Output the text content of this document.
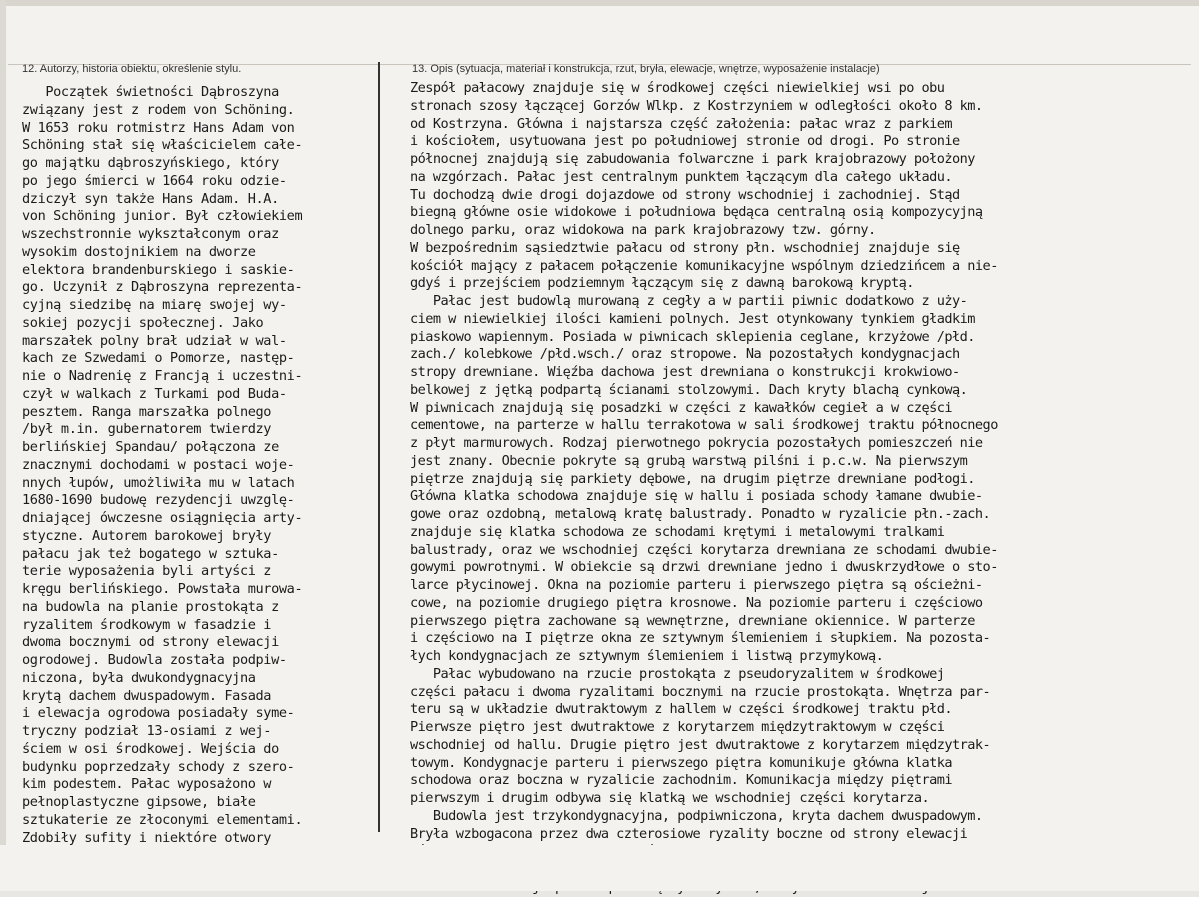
12. Autorzy, historia obiektu, określenie stylu.	13. Opis (sytuacja, materiał i konstrukcja, rzut, bryła, elewacje, wnętrze, wyposażenie instalacje)
Początek świetności Dąbroszyna
związany jest z rodem von Schöning.
W 1653 roku rotmistrz Hans Adam von
Schöning stał się właścicielem całe-
go majątku dąbroszyńskiego, który
po jego śmierci w 1664 roku odzie-
dziczył syn także Hans Adam. H.A.
von Schöning junior. Był człowiekiem
wszechstronnie wykształconym oraz
wysokim dostojnikiem na dworze
elektora brandenburskiego i saskie-
go. Uczynił z Dąbroszyna reprezenta-
cyjną siedzibę na miarę swojej wy-
sokiej pozycji społecznej. Jako
marszałek polny brał udział w wal-
kach ze Szwedami o Pomorze, następ-
nie o Nadrenię z Francją i uczestni-
czył w walkach z Turkami pod Buda-
pesztem. Ranga marszałka polnego
/był m.in. gubernatorem twierdzy
berlińskiej Spandau/ połączona ze
znacznymi dochodami w postaci woje-
nnych łupów, umożliwiła mu w latach
1680-1690 budowę rezydencji uwzglę-
dniającej ówczesne osiągnięcia arty-
styczne. Autorem barokowej bryły
pałacu jak też bogatego w sztuka-
terie wyposażenia byli artyści z
kręgu berlińskiego. Powstała murowa-
na budowla na planie prostokąta z
ryzalitem środkowym w fasadzie i
dwoma bocznymi od strony elewacji
ogrodowej. Budowla została podpiw-
niczona, była dwukondygnacyjna
krytą dachem dwuspadowym. Fasada
i elewacja ogrodowa posiadały syme-
tryczny podział 13-osiami z wej-
ściem w osi środkowej. Wejścia do
budynku poprzedzały schody z szero-
kim podestem. Pałac wyposażono w
pełnoplastyczne gipsowe, białe
sztukaterie ze złoconymi elementami.
Zdobiły sufity i niektóre otwory

Zespół pałacowy znajduje się w środkowej części niewielkiej wsi po obu
stronach szosy łączącej Gorzów Wlkp. z Kostrzyniem w odległości około 8 km.
od Kostrzyna. Główna i najstarsza część założenia: pałac wraz z parkiem
i kościołem, usytuowana jest po południowej stronie od drogi. Po stronie
północnej znajdują się zabudowania folwarczne i park krajobrazowy położony
na wzgórzach. Pałac jest centralnym punktem łączącym dla całego układu.
Tu dochodzą dwie drogi dojazdowe od strony wschodniej i zachodniej. Stąd
biegną główne osie widokowe i południowa będąca centralną osią kompozycyjną
dolnego parku, oraz widokowa na park krajobrazowy tzw. górny.
W bezpośrednim sąsiedztwie pałacu od strony płn. wschodniej znajduje się
kościół mający z pałacem połączenie komunikacyjne wspólnym dziedzińcem a nie-
gdyś i przejściem podziemnym łączącym się z dawną barokową kryptą.
Pałac jest budowlą murowaną z cegły a w partii piwnic dodatkowo z uży-
ciem w niewielkiej ilości kamieni polnych. Jest otynkowany tynkiem gładkim
piaskowo wapiennym. Posiada w piwnicach sklepienia ceglane, krzyżowe /płd.
zach./ kolebkowe /płd.wsch./ oraz stropowe. Na pozostałych kondygnacjach
stropy drewniane. Więźba dachowa jest drewniana o konstrukcji krokwiowo-
belkowej z jętką podpartą ścianami stolzowymi. Dach kryty blachą cynkową.
W piwnicach znajdują się posadzki w części z kawałków cegieł a w części
cementowe, na parterze w hallu terrakotowa w sali środkowej traktu północnego
z płyt marmurowych. Rodzaj pierwotnego pokrycia pozostałych pomieszczeń nie
jest znany. Obecnie pokryte są grubą warstwą pilśni i p.c.w. Na pierwszym
piętrze znajdują się parkiety dębowe, na drugim piętrze drewniane podłogi.
Główna klatka schodowa znajduje się w hallu i posiada schody łamane dwubie-
gowe oraz ozdobną, metalową kratę balustrady. Ponadto w ryzalicie płn.-zach.
znajduje się klatka schodowa ze schodami krętymi i metalowymi tralkami
balustrady, oraz we wschodniej części korytarza drewniana ze schodami dwubie-
gowymi powrotnymi. W obiekcie są drzwi drewniane jedno i dwuskrzydłowe o sto-
larce płycinowej. Okna na poziomie parteru i pierwszego piętra są ościeżni-
cowe, na poziomie drugiego piętra krosnowe. Na poziomie parteru i częściowo
pierwszego piętra zachowane są wewnętrzne, drewniane okiennice. W parterze
i częściowo na I piętrze okna ze sztywnym ślemieniem i słupkiem. Na pozosta-
łych kondygnacjach ze sztywnym ślemieniem i listwą przymykową.
Pałac wybudowano na rzucie prostokąta z pseudoryzalitem w środkowej
części pałacu i dwoma ryzalitami bocznymi na rzucie prostokąta. Wnętrza par-
teru są w układzie dwutraktowym z hallem w części środkowej traktu płd.
Pierwsze piętro jest dwutraktowe z korytarzem międzytraktowym w części
wschodniej od hallu. Drugie piętro jest dwutraktowe z korytarzem międzytrak-
towym. Kondygnacje parteru i pierwszego piętra komunikuje główna klatka
schodowa oraz boczna w ryzalicie zachodnim. Komunikacja między piętrami
pierwszym i drugim odbywa się klatką we wschodniej części korytarza.
Budowla jest trzykondygnacyjna, podpiwniczona, kryta dachem dwuspadowym.
Bryła wzbogacona przez dwa czterosiowe ryzality boczne od strony elewacji
